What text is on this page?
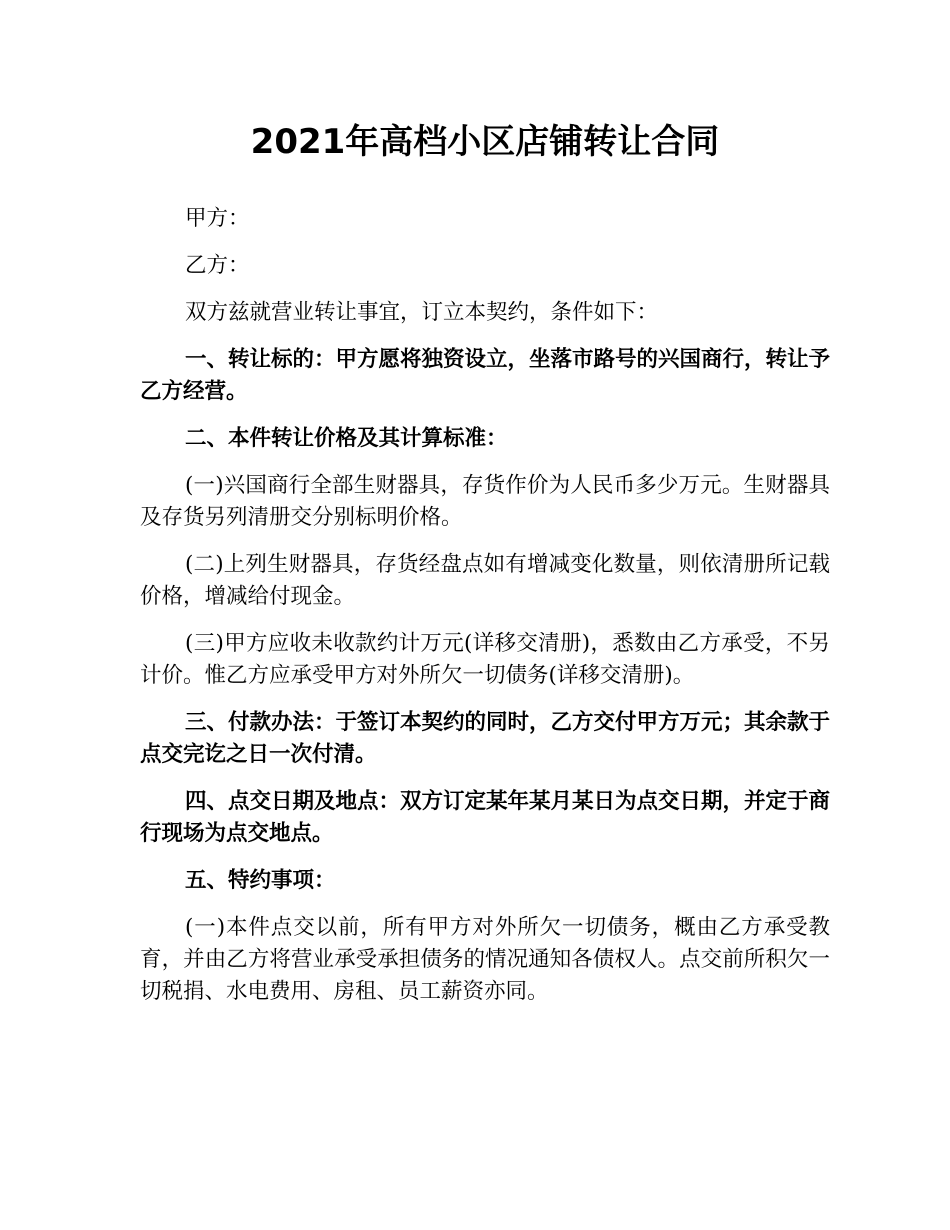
2021年高档小区店铺转让合同

甲方：

乙方：

双方兹就营业转让事宜，订立本契约，条件如下：

一、转让标的：甲方愿将独资设立，坐落市路号的兴国商行，转让予乙方经营。

二、本件转让价格及其计算标准：

(一)兴国商行全部生财器具，存货作价为人民币多少万元。生财器具及存货另列清册交分别标明价格。

(二)上列生财器具，存货经盘点如有增减变化数量，则依清册所记载价格，增减给付现金。

(三)甲方应收未收款约计万元(详移交清册)，悉数由乙方承受，不另计价。惟乙方应承受甲方对外所欠一切债务(详移交清册)。

三、付款办法：于签订本契约的同时，乙方交付甲方万元；其余款于点交完讫之日一次付清。

四、点交日期及地点：双方订定某年某月某日为点交日期，并定于商行现场为点交地点。

五、特约事项：

(一)本件点交以前，所有甲方对外所欠一切债务，概由乙方承受教育，并由乙方将营业承受承担债务的情况通知各债权人。点交前所积欠一切税捐、水电费用、房租、员工薪资亦同。
